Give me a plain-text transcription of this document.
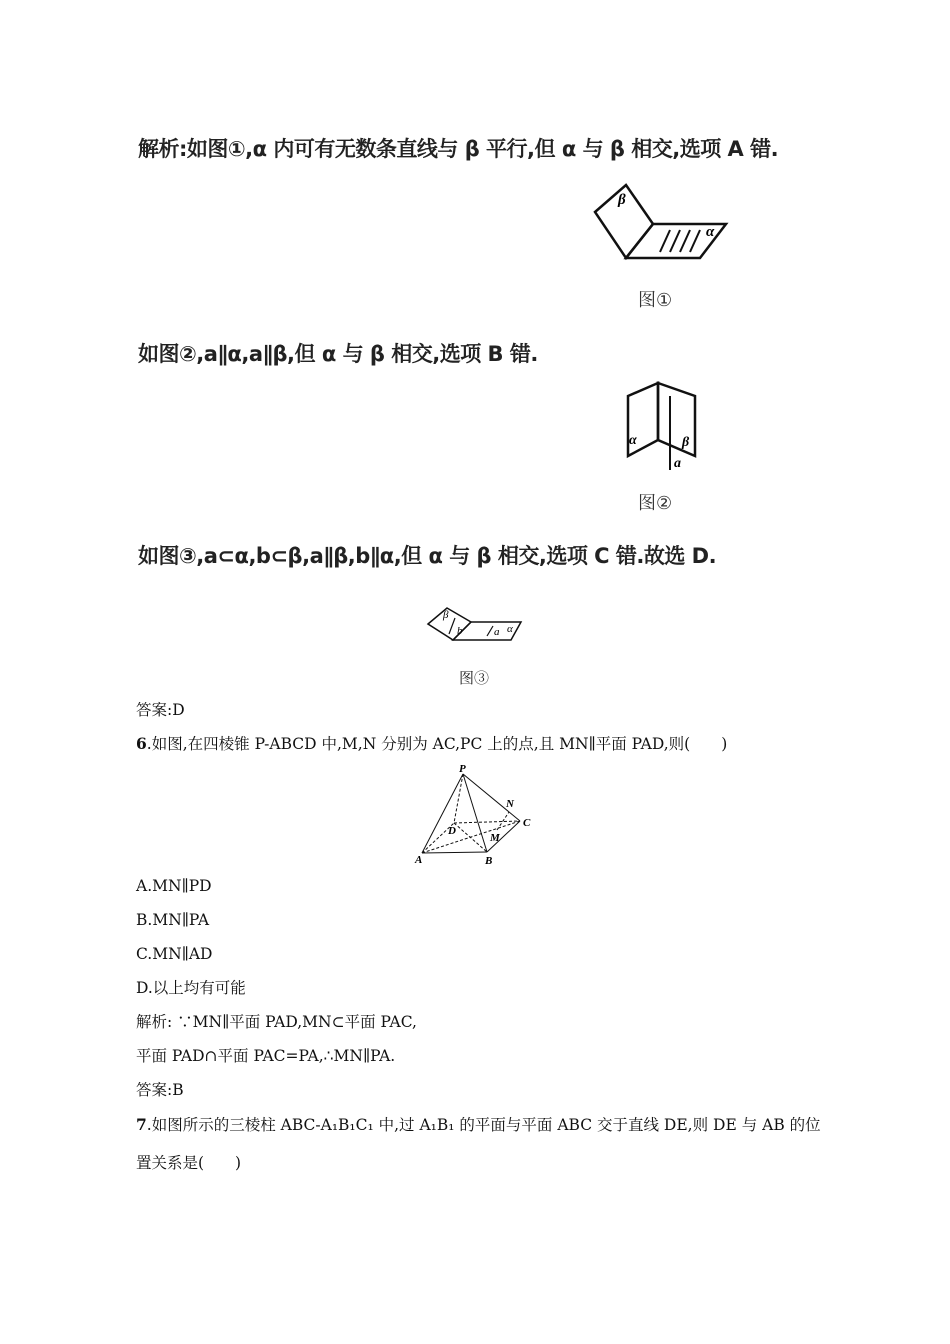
解析:如图①,α 内可有无数条直线与 β 平行,但 α 与 β 相交,选项 A 错.
β
α
图①
如图②,a∥α,a∥β,但 α 与 β 相交,选项 B 错.
α	β
a
图②
如图③,a⊂α,b⊂β,a∥β,b∥α,但 α 与 β 相交,选项 C 错.故选 D.
β
b	a α
图③
答案:D
6.如图,在四棱锥 P-ABCD 中,M,N 分别为 AC,PC 上的点,且 MN∥平面 PAD,则(　　)
P
A	B
C
D
M
N
A.MN∥PD
B.MN∥PA
C.MN∥AD
D.以上均有可能
解析: ∵MN∥平面 PAD,MN⊂平面 PAC,
平面 PAD∩平面 PAC=PA,∴MN∥PA.
答案:B
7.如图所示的三棱柱 ABC-A₁B₁C₁ 中,过 A₁B₁ 的平面与平面 ABC 交于直线 DE,则 DE 与 AB 的位
置关系是(　　)
